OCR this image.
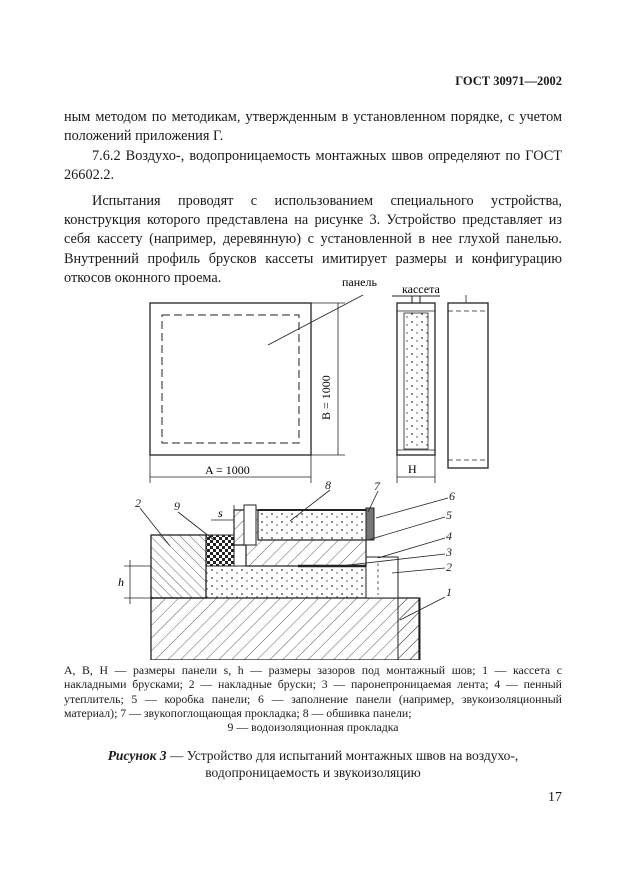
ГОСТ 30971—2002

ным методом по методикам, утвержденным в установленном порядке, с учетом положений приложения Г.

7.6.2 Воздухо-, водопроницаемость монтажных швов определяют по ГОСТ 26602.2.

Испытания проводят с использованием специального устройства, конструкция которого представлена на рисунке 3. Устройство представляет из себя кассету (например, деревянную) с установленной в нее глухой панелью. Внутренний профиль брусков кассеты имитирует размеры и конфигурацию откосов оконного проема.	панель
A = 1000
B = 1000
H
кассета
h
s
1
2
2
3
4
5
6
7
8
9
A, B, H — размеры панели s, h — размеры зазоров под монтажный шов; 1 — кассета с накладными брусками; 2 — накладные бруски; 3 — паронепроницаемая лента; 4 — пенный утеплитель; 5 — коробка панели; 6 — заполнение панели (например, звукоизоляционный материал); 7 — звукопоглощающая прокладка; 8 — обшивка панели;
9 — водоизоляционная прокладка
Рисунок 3 — Устройство для испытаний монтажных швов на воздухо-, водопроницаемость и звукоизоляцию
17
